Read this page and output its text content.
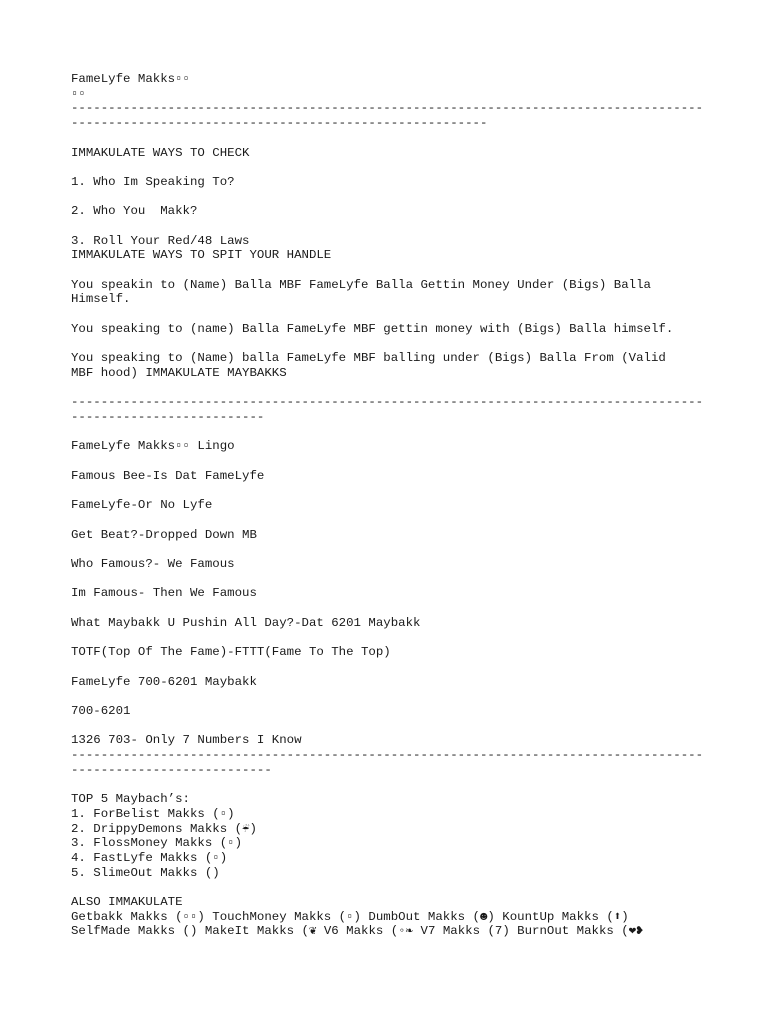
FameLyfe Makks▫▫
▫▫
-------------------------------------------------------------------------------------
--------------------------------------------------------
IMMAKULATE WAYS TO CHECK
1. Who Im Speaking To?
2. Who You  Makk?
3. Roll Your Red/48 Laws
IMMAKULATE WAYS TO SPIT YOUR HANDLE
You speakin to (Name) Balla MBF FameLyfe Balla Gettin Money Under (Bigs) Balla
Himself.
You speaking to (name) Balla FameLyfe MBF gettin money with (Bigs) Balla himself.
You speaking to (Name) balla FameLyfe MBF balling under (Bigs) Balla From (Valid
MBF hood) IMMAKULATE MAYBAKKS
-------------------------------------------------------------------------------------
--------------------------
FameLyfe Makks▫▫ Lingo
Famous Bee-Is Dat FameLyfe
FameLyfe-Or No Lyfe
Get Beat?-Dropped Down MB
Who Famous?- We Famous
Im Famous- Then We Famous
What Maybakk U Pushin All Day?-Dat 6201 Maybakk
TOTF(Top Of The Fame)-FTTT(Fame To The Top)
FameLyfe 700-6201 Maybakk
700-6201
1326 703- Only 7 Numbers I Know
-------------------------------------------------------------------------------------
---------------------------
TOP 5 Maybach’s:
1. ForBelist Makks (▫)
2. DrippyDemons Makks (☔)
3. FlossMoney Makks (▫)
4. FastLyfe Makks (▫)
5. SlimeOut Makks ()
ALSO IMMAKULATE
Getbakk Makks (▫▫) TouchMoney Makks (▫) DumbOut Makks (☻) KountUp Makks (⬆)
SelfMade Makks () MakeIt Makks (❦ V6 Makks (◦❧ V7 Makks (7) BurnOut Makks (❤❥
